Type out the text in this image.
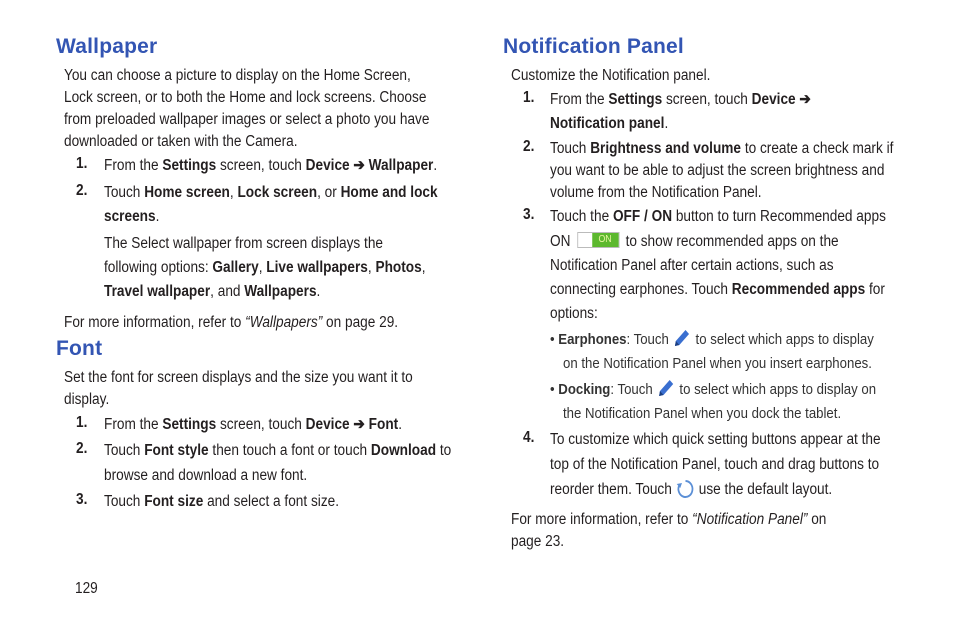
Wallpaper
You can choose a picture to display on the Home Screen,
Lock screen, or to both the Home and lock screens. Choose
from preloaded wallpaper images or select a photo you have
downloaded or taken with the Camera.
1. From the Settings screen, touch Device ➔ Wallpaper.
2. Touch Home screen, Lock screen, or Home and lock
screens.
The Select wallpaper from screen displays the
following options: Gallery, Live wallpapers, Photos,
Travel wallpaper, and Wallpapers.
For more information, refer to “Wallpapers” on page 29.
Font
Set the font for screen displays and the size you want it to
display.
1. From the Settings screen, touch Device ➔ Font.
2. Touch Font style then touch a font or touch Download to
browse and download a new font.
3. Touch Font size and select a font size.
129
Notification Panel
Customize the Notification panel.
1. From the Settings screen, touch Device ➔
Notification panel.
2. Touch Brightness and volume to create a check mark if
you want to be able to adjust the screen brightness and
volume from the Notification Panel.
3. Touch the OFF / ON button to turn Recommended apps
ON	ON to show recommended apps on the
Notification Panel after certain actions, such as
connecting earphones. Touch Recommended apps for
options:
• Earphones: Touch  to select which apps to display
on the Notification Panel when you insert earphones.
• Docking: Touch  to select which apps to display on
the Notification Panel when you dock the tablet.
4. To customize which quick setting buttons appear at the
top of the Notification Panel, touch and drag buttons to
reorder them. Touch  use the default layout.
For more information, refer to “Notification Panel” on
page 23.
